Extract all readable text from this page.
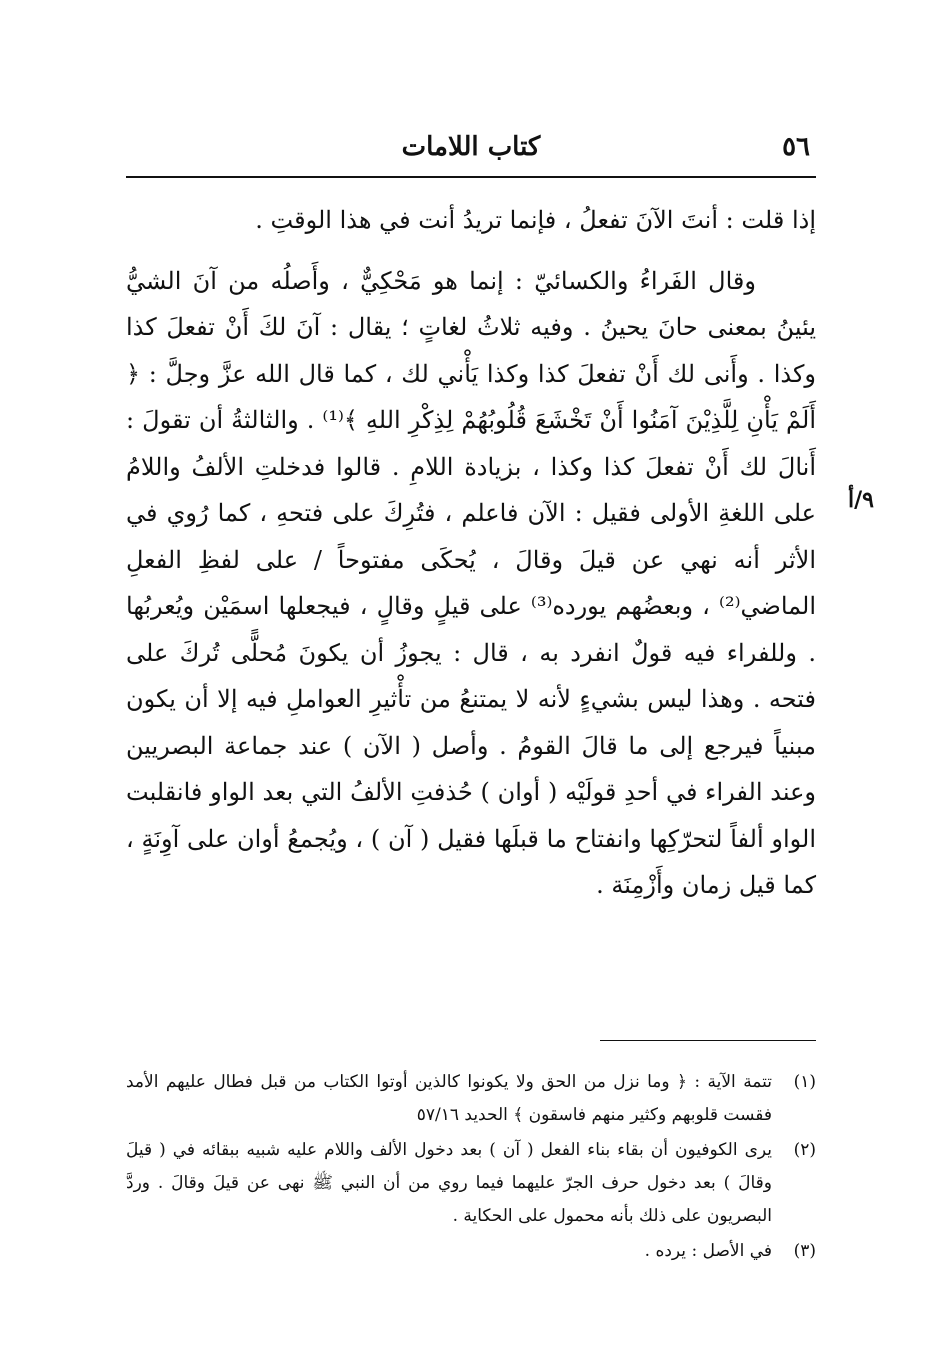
٥٦
كتاب اللامات
٩/أ

إذا قلت : أنتَ الآنَ تفعلُ ، فإنما تريدُ أنت في هذا الوقتِ .

وقال الفَراءُ والكسائيّ : إنما هو مَحْكِيٌّ ، وأَصلُه من آنَ الشيُّ يئينُ بمعنى حانَ يحينُ . وفيه ثلاثُ لغاتٍ ؛ يقال : آنَ لكَ أَنْ تفعلَ كذا وكذا . وأَنى لك أَنْ تفعلَ كذا وكذا يَأْني لك ، كما قال الله عزَّ وجلَّ : ﴿ أَلَمْ يَأْنِ لِلَّذِيْنَ آمَنُوا أَنْ تَخْشَعَ قُلُوبُهُمْ لِذِكْرِ اللهِ ﴾⁽¹⁾ . والثالثةُ أن تقولَ : أَنالَ لك أَنْ تفعلَ كذا وكذا ، بزيادة اللامِ . قالوا فدخلتِ الألفُ واللامُ على اللغةِ الأولى فقيل : الآن فاعلم ، فتُرِكَ على فتحهِ ، كما رُوي في الأثر أنه نهي عن قيلَ وقالَ ، يُحكَى مفتوحاً / على لفظِ الفعلِ الماضي⁽²⁾ ، وبعضُهم يورده⁽³⁾ على قيلٍ وقالٍ ، فيجعلها اسمَيْن ويُعربُها . وللفراء فيه قولٌ انفرد به ، قال : يجوزُ أن يكونَ مُحلًّى تُركَ على فتحه . وهذا ليس بشيءٍ لأنه لا يمتنعُ من تأْثيرِ العواملِ فيه إلا أن يكون مبنياً فيرجع إلى ما قالَ القومُ . وأصل ( الآن ) عند جماعة البصريين وعند الفراء في أحدِ قولَيْه ( أوان ) حُذفتِ الألفُ التي بعد الواو فانقلبت الواو ألفاً لتحرّكِها وانفتاح ما قبلَها فقيل ( آن ) ، ويُجمعُ أوان على آوِنَةٍ ، كما قيل زمان وأَزْمِنَة .

(١)
تتمة الآية : ﴿ وما نزل من الحق ولا يكونوا كالذين أوتوا الكتاب من قبل فطال عليهم الأمد فقست قلوبهم وكثير منهم فاسقون ﴾ الحديد ٥٧/١٦
(٢)
يرى الكوفيون أن بقاء بناء الفعل ( آن ) بعد دخول الألف واللام عليه شبيه ببقائه في ( قيلَ وقالَ ) بعد دخول حرف الجرّ عليهما فيما روي من أن النبي ﷺ نهى عن قيلَ وقالَ . وردَّ البصريون على ذلك بأنه محمول على الحكاية .
(٣)
في الأصل : يرده .
